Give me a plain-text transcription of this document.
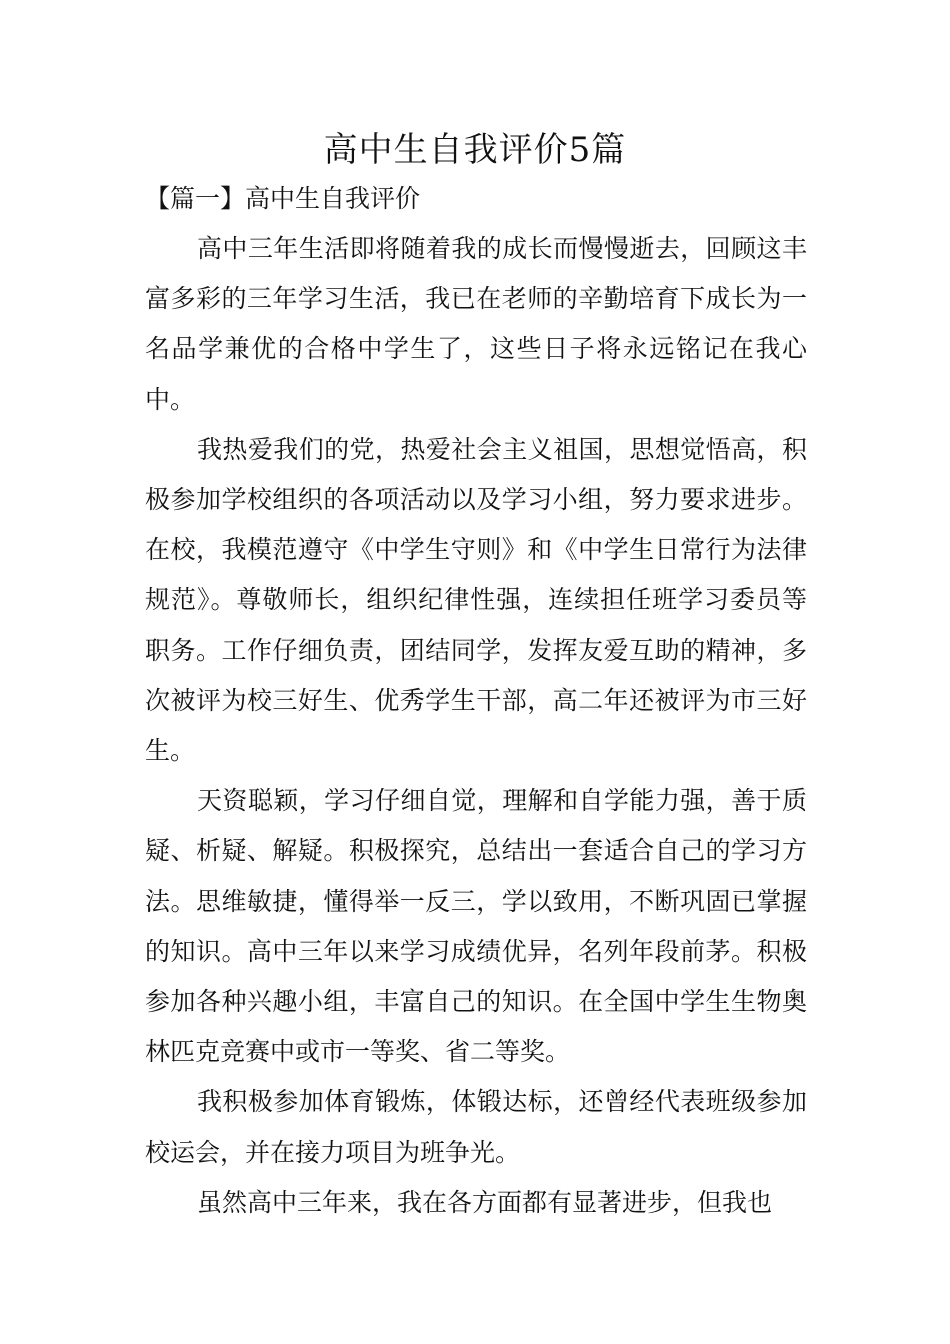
高中生自我评价5篇
【篇一】高中生自我评价

高中三年生活即将随着我的成长而慢慢逝去，回顾这丰富多彩的三年学习生活，我已在老师的辛勤培育下成长为一名品学兼优的合格中学生了，这些日子将永远铭记在我心中。

我热爱我们的党，热爱社会主义祖国，思想觉悟高，积极参加学校组织的各项活动以及学习小组，努力要求进步。在校，我模范遵守《中学生守则》和《中学生日常行为法律规范》。尊敬师长，组织纪律性强，连续担任班学习委员等职务。工作仔细负责，团结同学，发挥友爱互助的精神，多次被评为校三好生、优秀学生干部，高二年还被评为市三好生。

天资聪颖，学习仔细自觉，理解和自学能力强，善于质疑、析疑、解疑。积极探究，总结出一套适合自己的学习方法。思维敏捷，懂得举一反三，学以致用，不断巩固已掌握的知识。高中三年以来学习成绩优异，名列年段前茅。积极参加各种兴趣小组，丰富自己的知识。在全国中学生生物奥林匹克竞赛中或市一等奖、省二等奖。

我积极参加体育锻炼，体锻达标，还曾经代表班级参加校运会，并在接力项目为班争光。

虽然高中三年来，我在各方面都有显著进步，但我也
